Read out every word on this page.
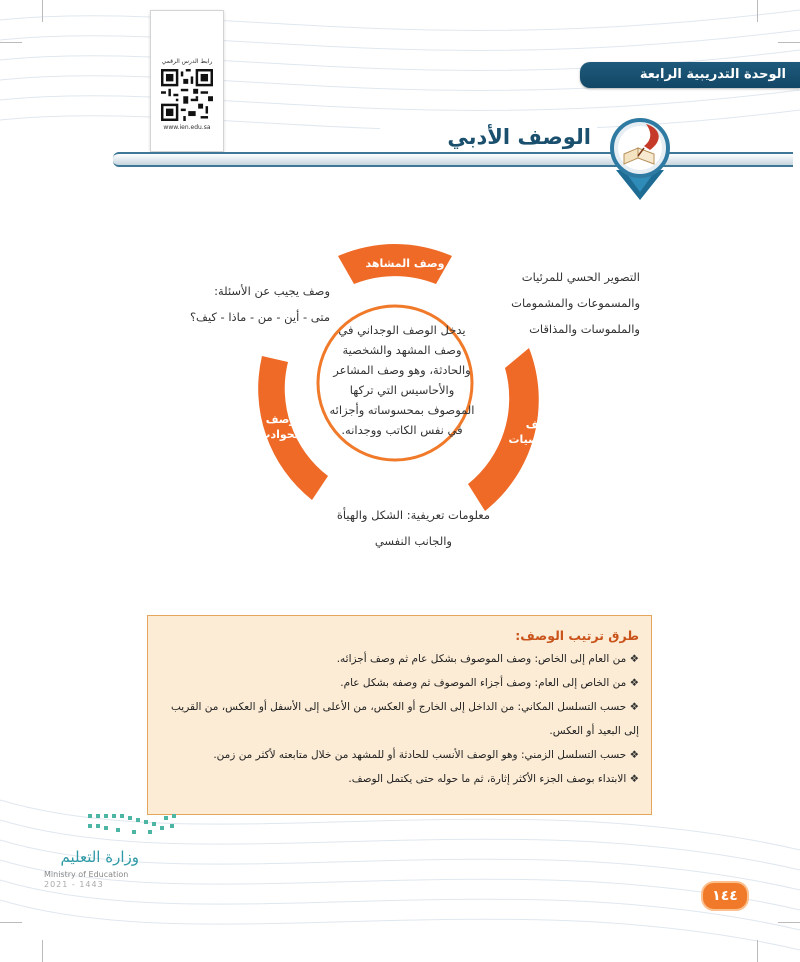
رابط الدرس الرقمي
www.ien.edu.sa
الوحدة التدريبية الرابعة
الوصف الأدبي
وصف المشاهد
وصف الشخصيات
وصف الحوادث
يدخل الوصف الوجداني في وصف المشهد والشخصية والحادثة، وهو وصف المشاعر والأحاسيس التي تركها الموصوف بمحسوساته وأجزائه في نفس الكاتب ووجدانه.
التصوير الحسي للمرئيات
والمسموعات والمشمومات
والملموسات والمذاقات
وصف يجيب عن الأسئلة:
متى - أين - من - ماذا - كيف؟
معلومات تعريفية: الشكل والهيأة
والجانب النفسي
طرق ترتيب الوصف:
❖ من العام إلى الخاص: وصف الموصوف بشكل عام ثم وصف أجزائه.
❖ من الخاص إلى العام: وصف أجزاء الموصوف ثم وصفه بشكل عام.
❖ حسب التسلسل المكاني: من الداخل إلى الخارج أو العكس، من الأعلى إلى الأسفل أو العكس، من القريب إلى البعيد أو العكس.
❖ حسب التسلسل الزمني: وهو الوصف الأنسب للحادثة أو للمشهد من خلال متابعته لأكثر من زمن.
❖ الابتداء بوصف الجزء الأكثر إثارة، ثم ما حوله حتى يكتمل الوصف.
وزارة التعليم
Ministry of Education
2021 - 1443
١٤٤
